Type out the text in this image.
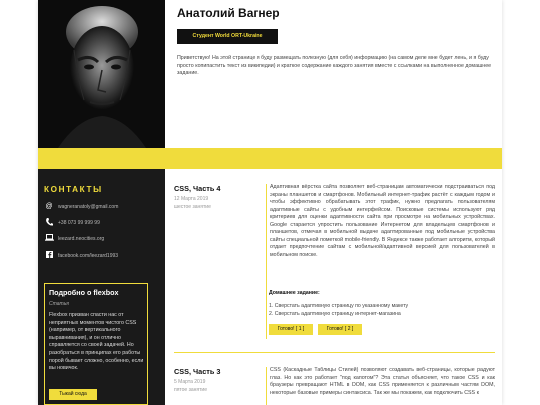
Анатолий Вагнер
Студент World ORT-Ukraine
Приветствую! На этой странице я буду размещать полезную (для себя) информацию (на самом деле мне будет лень, и я буду просто копипастить текст из википедии) и краткое содержание каждого занятия вместе с ссылками на выполненное домашнее задание.
КОНТАКТЫ
@ wagneranatoly@gmail.com
+38 073 99 999 99
leezard.neocities.org
facebook.com/leezard1993
Подробно о flexbox
Статья
Flexbox призван спасти нас от неприятных моментов чистого CSS (например, от вертикального выравнивания), и он отлично справляется со своей задачей. Но разобраться в принципах его работы порой бывает сложно, особенно, если вы новичок.
Тыкай сюда
CSS, Часть 4
12 Марта 2019
шестое занятие
Адаптивная вёрстка сайта позволяет веб-страницам автоматически подстраиваться под экраны планшетов и смартфонов. Мобильный интернет-трафик растёт с каждым годом и чтобы эффективно обрабатывать этот трафик, нужно предлагать пользователям адаптивные сайты с удобным интерфейсом. Поисковые системы используют ряд критериев для оценки адаптивности сайта при просмотре на мобильных устройствах. Google старается упростить пользование Интернетом для владельцев смартфонов и планшетов, отмечая в мобильной выдаче адаптированные под мобильные устройства сайты специальной пометкой mobile-friendly. В Яндексе также работает алгоритм, который отдает предпочтение сайтам с мобильной/адаптивной версией для пользователей в мобильном поиске.
Домашнее задание:
1. Сверстать адаптивную страницу по указанному макету
2. Сверстать адаптивную страницу интернет-магазина
Готово! [ 1 ]	Готово! [ 2 ]
CSS, Часть 3
5 Марта 2019
пятое занятие
CSS (Каскадные Таблицы Стилей) позволяют создавать веб-страницы, которые радуют глаз. Но как это работает "под капотом"? Эта статья объясняет, что такое CSS и как браузеры превращают HTML в DOM, как CSS применяется к различным частям DOM, некоторые базовые примеры синтаксиса. Так же мы покажем, как подключить CSS к
